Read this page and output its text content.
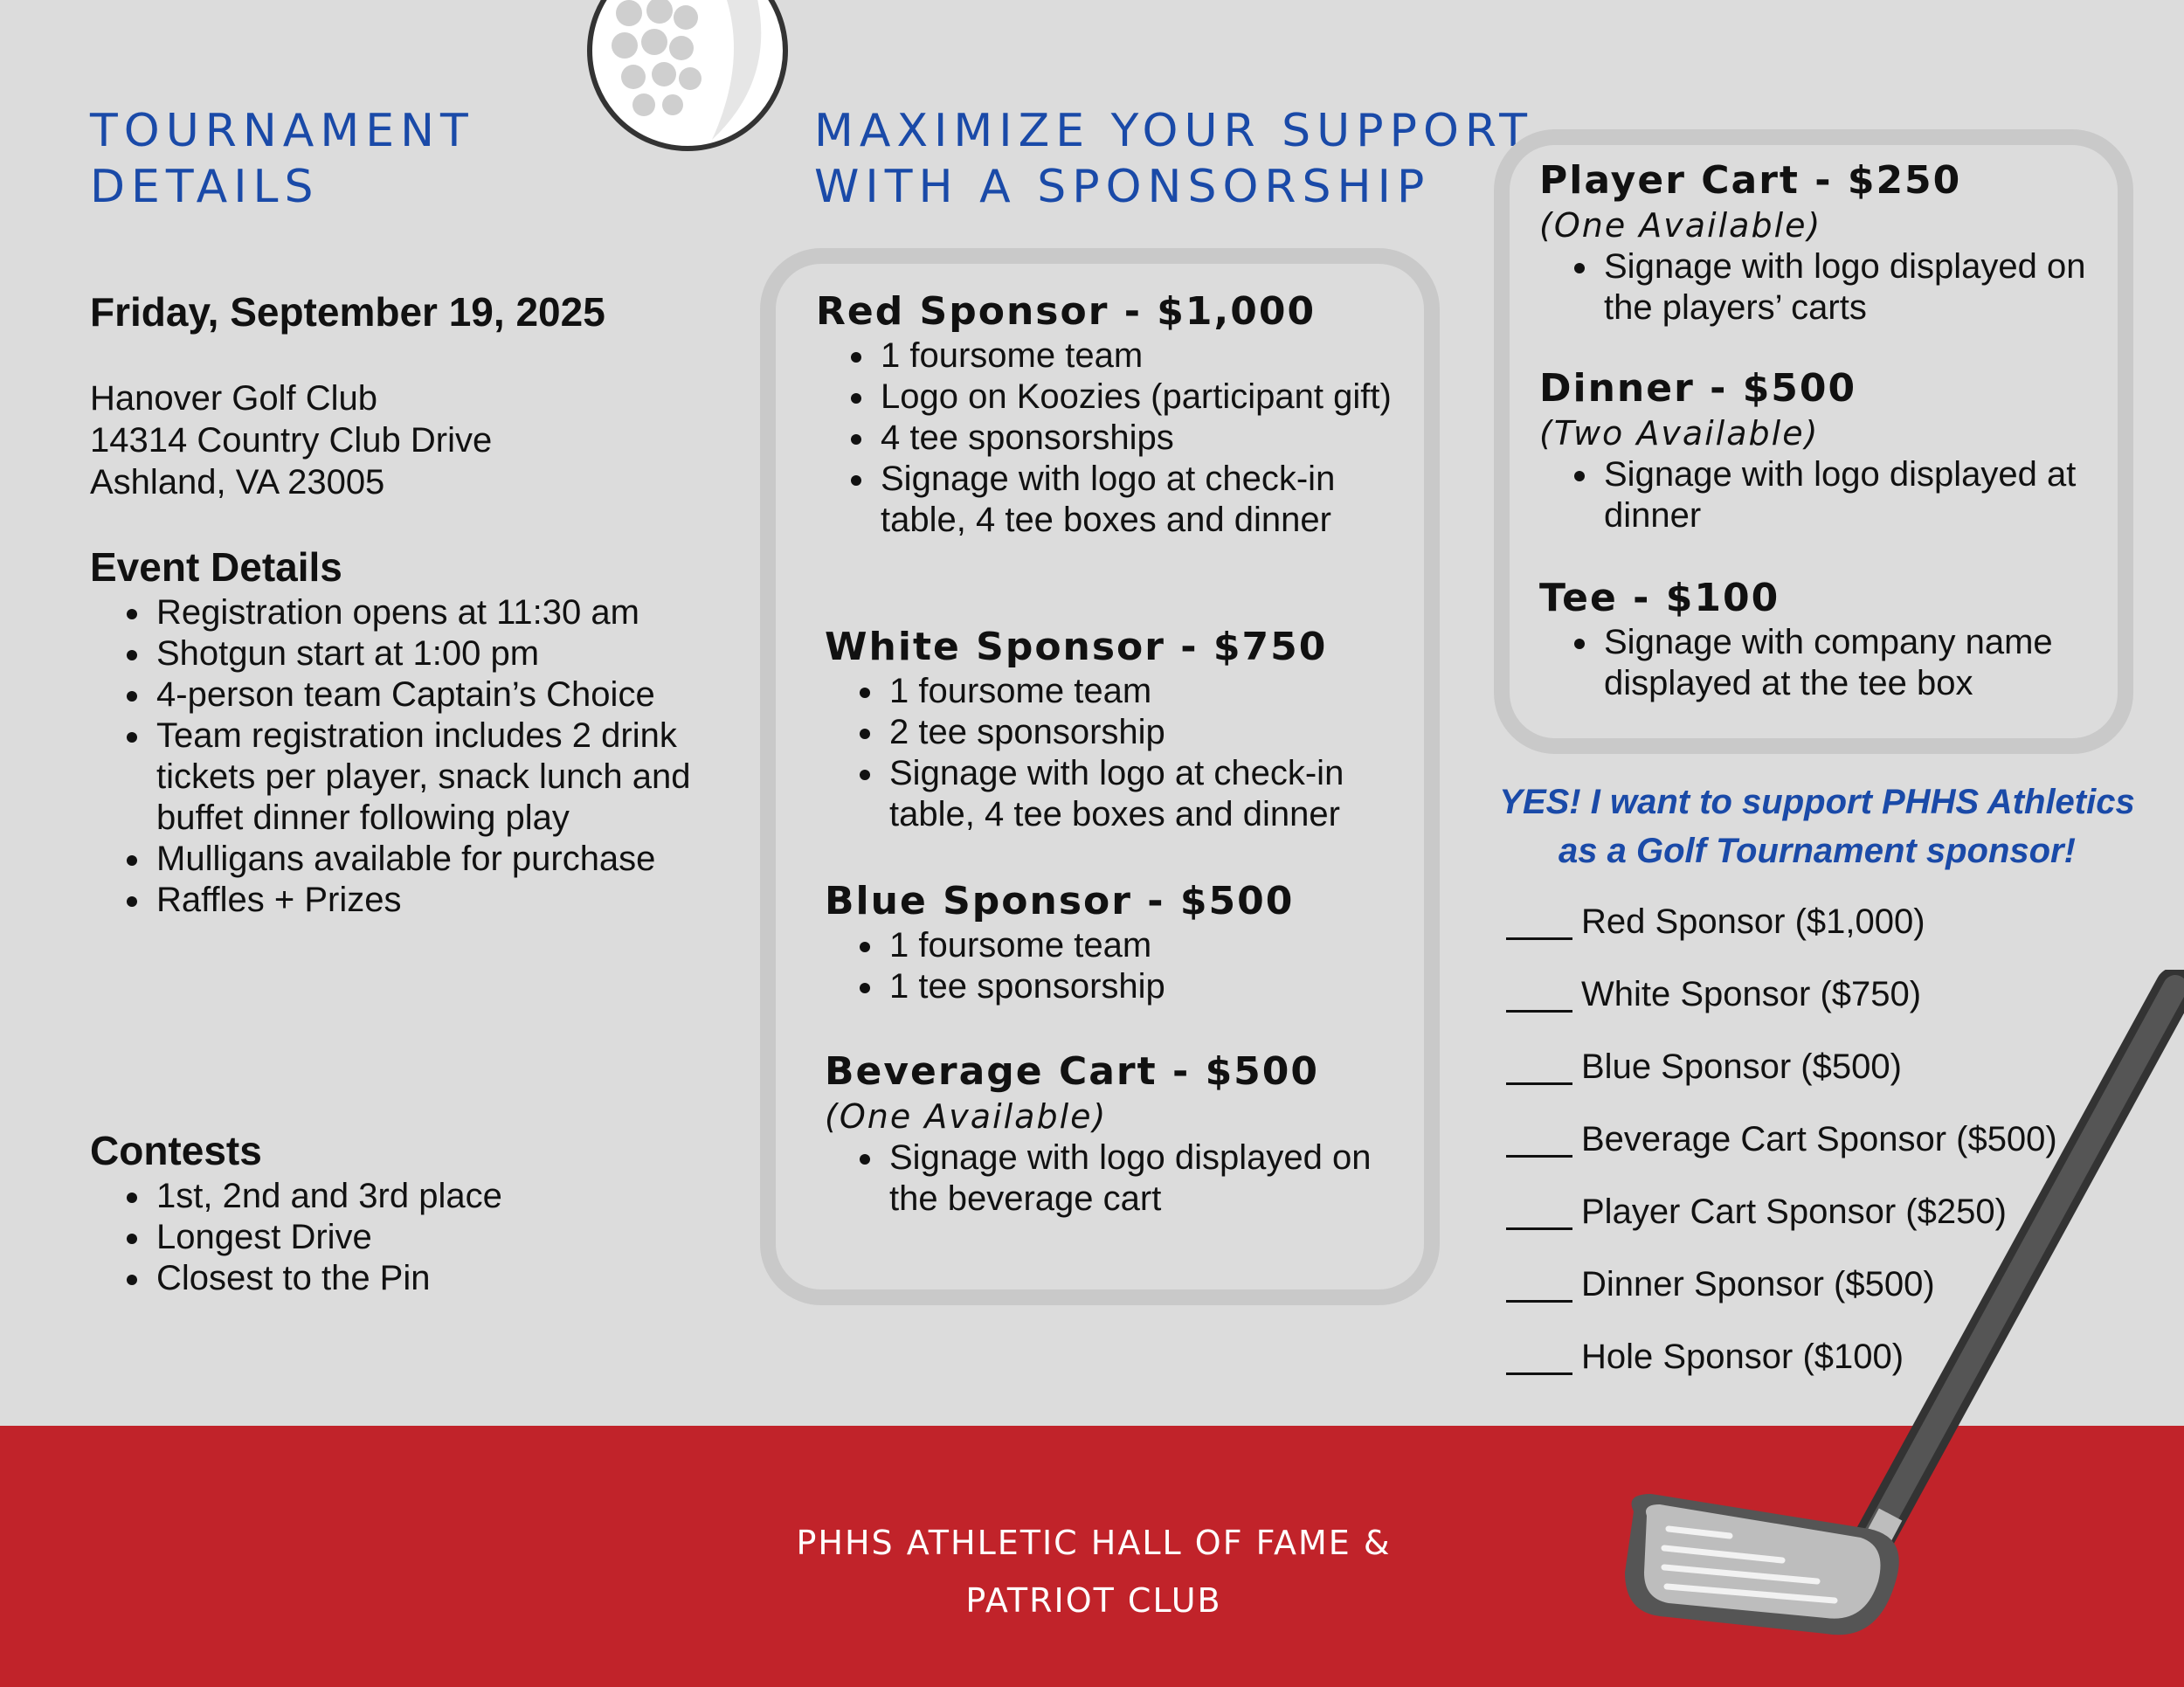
TOURNAMENT
DETAILS
Friday, September 19, 2025
Hanover Golf Club
14314 Country Club Drive
Ashland, VA 23005
Event Details
• Registration opens at 11:30 am
• Shotgun start at 1:00 pm
• 4-person team Captain’s Choice
• Team registration includes 2 drink tickets per player, snack lunch and buffet dinner following play
• Mulligans available for purchase
• Raffles + Prizes
Contests
• 1st, 2nd and 3rd place
• Longest Drive
• Closest to the Pin
MAXIMIZE YOUR SUPPORT
WITH A SPONSORSHIP
Red Sponsor - $1,000
• 1 foursome team
• Logo on Koozies (participant gift)
• 4 tee sponsorships
• Signage with logo at check-in table, 4 tee boxes and dinner
White Sponsor - $750
• 1 foursome team
• 2 tee sponsorship
• Signage with logo at check-in table, 4 tee boxes and dinner
Blue Sponsor - $500
• 1 foursome team
• 1 tee sponsorship
Beverage Cart - $500
(One Available)
• Signage with logo displayed on the beverage cart
Player Cart - $250
(One Available)
• Signage with logo displayed on the players’ carts
Dinner - $500
(Two Available)
• Signage with logo displayed at dinner
Tee - $100
• Signage with company name displayed at the tee box
YES! I want to support PHHS Athletics
as a Golf Tournament sponsor!
Red Sponsor ($1,000)
White Sponsor ($750)
Blue Sponsor ($500)
Beverage Cart Sponsor ($500)
Player Cart Sponsor ($250)
Dinner Sponsor ($500)
Hole Sponsor ($100)
PHHS ATHLETIC HALL OF FAME &
PATRIOT CLUB
